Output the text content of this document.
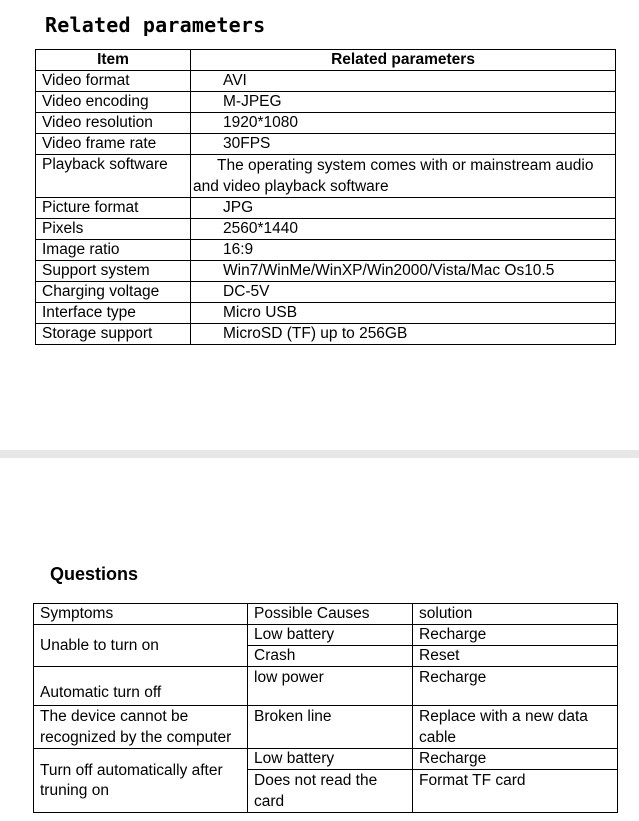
Related parameters
Item	Related parameters
Video format	AVI
Video encoding	M-JPEG
Video resolution	1920*1080
Video frame rate	30FPS
Playback software	The operating system comes with or mainstream audio and video playback software
Picture format	JPG
Pixels	2560*1440
Image ratio	16:9
Support system	Win7/WinMe/WinXP/Win2000/Vista/Mac Os10.5
Charging voltage	DC-5V
Interface type	Micro USB
Storage support	MicroSD (TF) up to 256GB
Questions
Symptoms	Possible Causes	solution
Unable to turn on	Low battery	Recharge
	Crash	Reset
Automatic turn off	low power	Recharge
The device cannot be recognized by the computer	Broken line	Replace with a new data cable
Turn off automatically after truning on	Low battery	Recharge
	Does not read the card	Format TF card
